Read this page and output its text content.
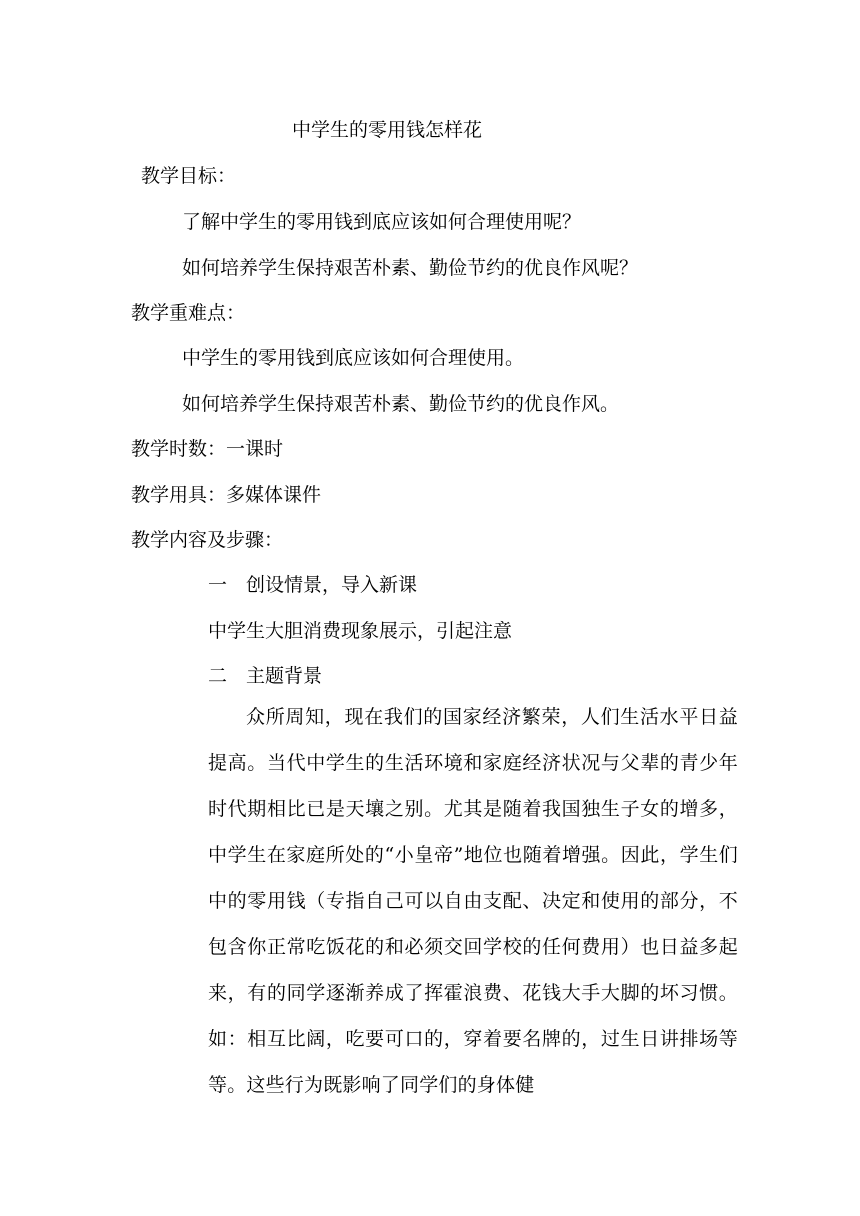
中学生的零用钱怎样花

教学目标：

了解中学生的零用钱到底应该如何合理使用呢？

如何培养学生保持艰苦朴素、勤俭节约的优良作风呢？

教学重难点：

中学生的零用钱到底应该如何合理使用。

如何培养学生保持艰苦朴素、勤俭节约的优良作风。

教学时数：一课时

教学用具：多媒体课件

教学内容及步骤：

一　创设情景，导入新课

中学生大胆消费现象展示，引起注意

二　主题背景

众所周知，现在我们的国家经济繁荣，人们生活水平日益提高。当代中学生的生活环境和家庭经济状况与父辈的青少年时代期相比已是天壤之别。尤其是随着我国独生子女的增多，中学生在家庭所处的“小皇帝”地位也随着增强。因此，学生们中的零用钱（专指自己可以自由支配、决定和使用的部分，不包含你正常吃饭花的和必须交回学校的任何费用）也日益多起来，有的同学逐渐养成了挥霍浪费、花钱大手大脚的坏习惯。如：相互比阔，吃要可口的，穿着要名牌的，过生日讲排场等等。这些行为既影响了同学们的身体健
